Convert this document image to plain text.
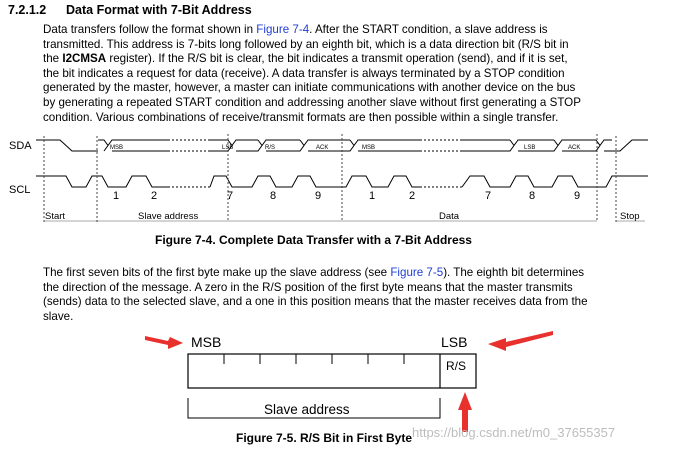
7.2.1.2 Data Format with 7-Bit Address
Data transfers follow the format shown in Figure 7-4. After the START condition, a slave address is
transmitted. This address is 7-bits long followed by an eighth bit, which is a data direction bit (R/S bit in
the I2CMSA register). If the R/S bit is clear, the bit indicates a transmit operation (send), and if it is set,
the bit indicates a request for data (receive). A data transfer is always terminated by a STOP condition
generated by the master, however, a master can initiate communications with another device on the bus
by generating a repeated START condition and addressing another slave without first generating a STOP
condition. Various combinations of receive/transmit formats are then possible within a single transfer.
SDA
SCL
MSB	LSB	R/S	ACK	MSB	LSB	ACK
1	2	7	8	9	1	2	7	8	9
Start	Slave address	Data	Stop
MSB	LSB
R/S
Slave address
Figure 7-4. Complete Data Transfer with a 7-Bit Address
The first seven bits of the first byte make up the slave address (see Figure 7-5). The eighth bit determines
the direction of the message. A zero in the R/S position of the first byte means that the master transmits
(sends) data to the selected slave, and a one in this position means that the master receives data from the
slave.
Figure 7-5. R/S Bit in First Byte https://blog.csdn.net/m0_37655357
